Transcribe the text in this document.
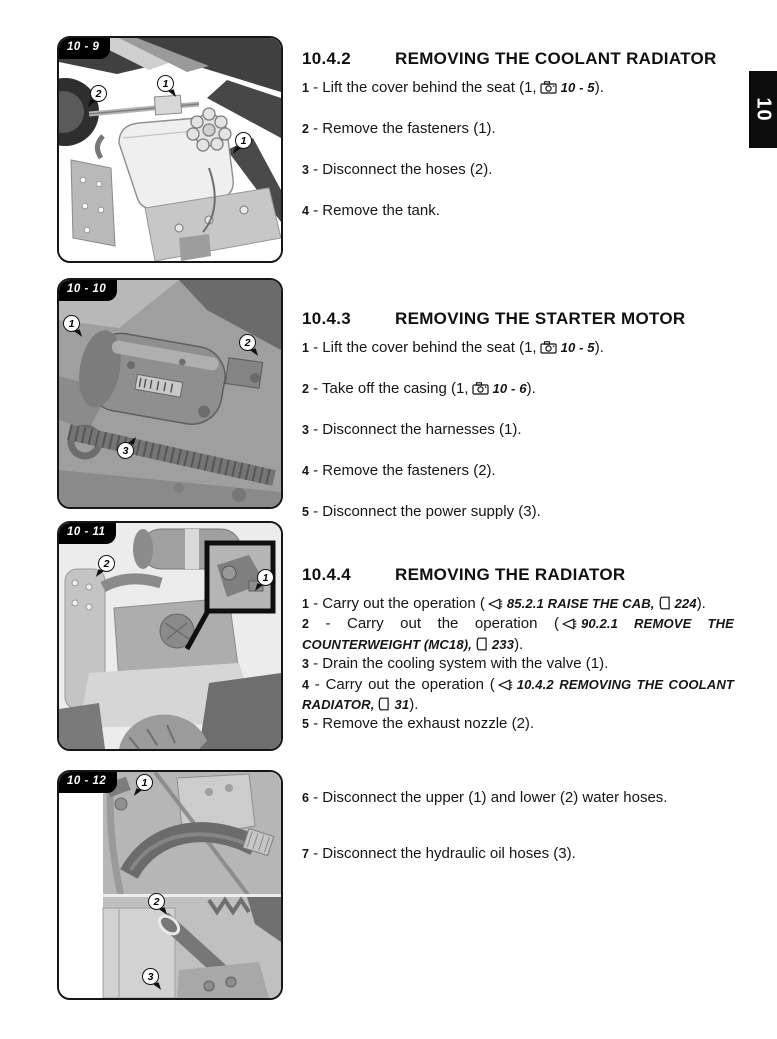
10 - 9
2
1
1
10 - 10
1
2
3
10 - 11
2
1
10 - 12	1
2
3
10.4.2	REMOVING THE COOLANT RADIATOR

1 - Lift the cover behind the seat (1, 10 - 5).

2 - Remove the fasteners (1).

3 - Disconnect the hoses (2).

4 - Remove the tank.

10.4.3	REMOVING THE STARTER MOTOR

1 - Lift the cover behind the seat (1, 10 - 5).

2 - Take off the casing (1, 10 - 6).

3 - Disconnect the harnesses (1).

4 - Remove the fasteners (2).

5 - Disconnect the power supply (3).

10.4.4	REMOVING THE RADIATOR

1 - Carry out the operation ( 85.2.1 RAISE THE CAB, 224).

2 - Carry out the operation ( 90.2.1 REMOVE THE COUNTERWEIGHT (MC18), 233).

3 - Drain the cooling system with the valve (1).

4 - Carry out the operation ( 10.4.2 REMOVING THE COOLANT RADIATOR, 31).

5 - Remove the exhaust nozzle (2).

6 - Disconnect the upper (1) and lower (2) water hoses.

7 - Disconnect the hydraulic oil hoses (3).

10
